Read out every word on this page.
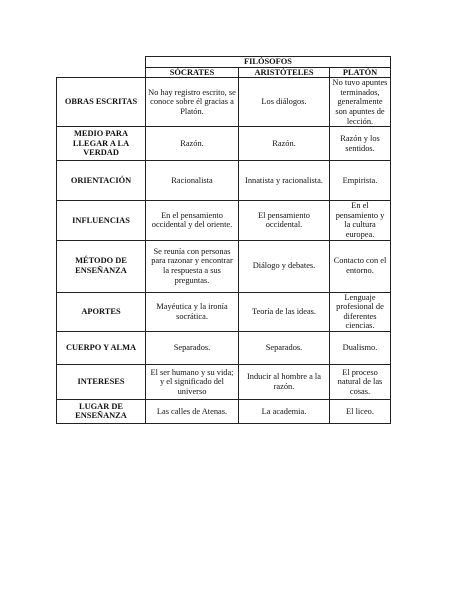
	FILÓSOFOS		
	SÓCRATES	ARISTÓTELES	PLATÓN
OBRAS ESCRITAS	No hay registro escrito, se conoce sobre él gracias a Platón.	Los diálogos.	No tuvo apuntes terminados, generalmente son apuntes de lección.
MEDIO PARA LLEGAR A LA VERDAD	Razón.	Razón.	Razón y los sentidos.
ORIENTACIÓN	Racionalista	Innatista y racionalista.	Empirista.
INFLUENCIAS	En el pensamiento occidental y del oriente.	El pensamiento occidental.	En el pensamiento y la cultura europea.
MÉTODO DE ENSEÑANZA	Se reunía con personas para razonar y encontrar la respuesta a sus preguntas.	Diálogo y debates.	Contacto con el entorno.
APORTES	Mayéutica y la ironía socrática.	Teoría de las ideas.	Lenguaje profesional de diferentes ciencias.
CUERPO Y ALMA	Separados.	Separados.	Dualismo.
INTERESES	El ser humano y su vida; y el significado del universo	Inducir al hombre a la razón.	El proceso natural de las cosas.
LUGAR DE ENSEÑANZA	Las calles de Atenas.	La academia.	El liceo.
